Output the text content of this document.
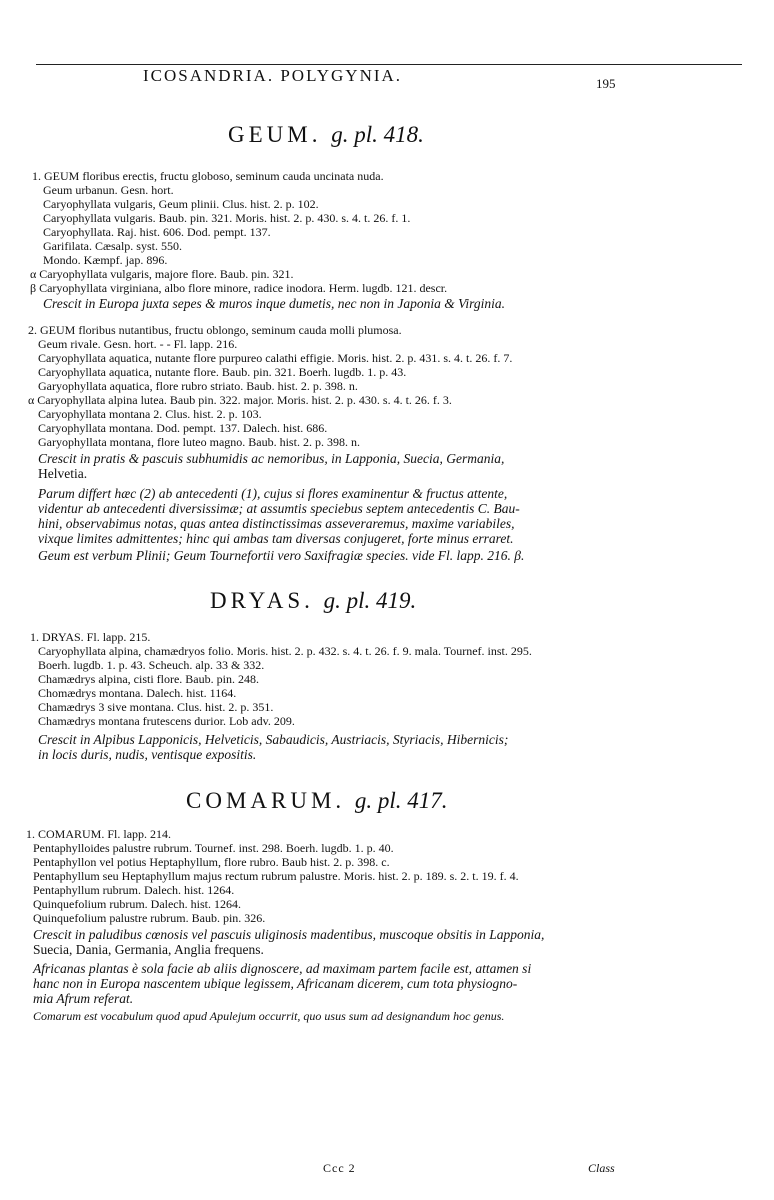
ICOSANDRIA. POLYGYNIA.	195
GEUM. g. pl. 418.
1. GEUM floribus erectis, fructu globoso, seminum cauda uncinata nuda.
Geum urbanun. Gesn. hort.
Caryophyllata vulgaris, Geum plinii. Clus. hist. 2. p. 102.
Caryophyllata vulgaris. Baub. pin. 321. Moris. hist. 2. p. 430. s. 4. t. 26. f. 1.
Caryophyllata. Raj. hist. 606. Dod. pempt. 137.
Garifilata. Cæsalp. syst. 550.
Mondo. Kæmpf. jap. 896.
α Caryophyllata vulgaris, majore flore. Baub. pin. 321.
β Caryophyllata virginiana, albo flore minore, radice inodora. Herm. lugdb. 121. descr.
Crescit in Europa juxta sepes & muros inque dumetis, nec non in Japonia & Virginia.
2. GEUM floribus nutantibus, fructu oblongo, seminum cauda molli plumosa.
Geum rivale. Gesn. hort. - - Fl. lapp. 216.
Caryophyllata aquatica, nutante flore purpureo calathi effigie. Moris. hist. 2. p. 431. s. 4. t. 26. f. 7.
Caryophyllata aquatica, nutante flore. Baub. pin. 321. Boerh. lugdb. 1. p. 43.
Garyophyllata aquatica, flore rubro striato. Baub. hist. 2. p. 398. n.
α Caryophyllata alpina lutea. Baub pin. 322. major. Moris. hist. 2. p. 430. s. 4. t. 26. f. 3.
Caryophyllata montana 2. Clus. hist. 2. p. 103.
Caryophyllata montana. Dod. pempt. 137. Dalech. hist. 686.
Garyophyllata montana, flore luteo magno. Baub. hist. 2. p. 398. n.
Crescit in pratis & pascuis subhumidis ac nemoribus, in Lapponia, Suecia, Germania,
Helvetia.
Parum differt hæc (2) ab antecedenti (1), cujus si flores examinentur & fructus attente,
videntur ab antecedenti diversissimæ; at assumtis speciebus septem antecedentis C. Bau-
hini, observabimus notas, quas antea distinctissimas asseveraremus, maxime variabiles,
vixque limites admittentes; hinc qui ambas tam diversas conjugeret, forte minus erraret.
Geum est verbum Plinii; Geum Tournefortii vero Saxifragiæ species. vide Fl. lapp. 216. β.
DRYAS. g. pl. 419.
1. DRYAS. Fl. lapp. 215.
Caryophyllata alpina, chamædryos folio. Moris. hist. 2. p. 432. s. 4. t. 26. f. 9. mala. Tournef. inst. 295.
Boerh. lugdb. 1. p. 43. Scheuch. alp. 33 & 332.
Chamædrys alpina, cisti flore. Baub. pin. 248.
Chomædrys montana. Dalech. hist. 1164.
Chamædrys 3 sive montana. Clus. hist. 2. p. 351.
Chamædrys montana frutescens durior. Lob adv. 209.
Crescit in Alpibus Lapponicis, Helveticis, Sabaudicis, Austriacis, Styriacis, Hibernicis;
in locis duris, nudis, ventisque expositis.
COMARUM. g. pl. 417.
1. COMARUM. Fl. lapp. 214.
Pentaphylloides palustre rubrum. Tournef. inst. 298. Boerh. lugdb. 1. p. 40.
Pentaphyllon vel potius Heptaphyllum, flore rubro. Baub hist. 2. p. 398. c.
Pentaphyllum seu Heptaphyllum majus rectum rubrum palustre. Moris. hist. 2. p. 189. s. 2. t. 19. f. 4.
Pentaphyllum rubrum. Dalech. hist. 1264.
Quinquefolium rubrum. Dalech. hist. 1264.
Quinquefolium palustre rubrum. Baub. pin. 326.
Crescit in paludibus cœnosis vel pascuis uliginosis madentibus, muscoque obsitis in Lapponia,
Suecia, Dania, Germania, Anglia frequens.
Africanas plantas è sola facie ab aliis dignoscere, ad maximam partem facile est, attamen si
hanc non in Europa nascentem ubique legissem, Africanam dicerem, cum tota physiogno-
mia Afrum referat.
Comarum est vocabulum quod apud Apulejum occurrit, quo usus sum ad designandum hoc genus.
Ccc 2	Class
